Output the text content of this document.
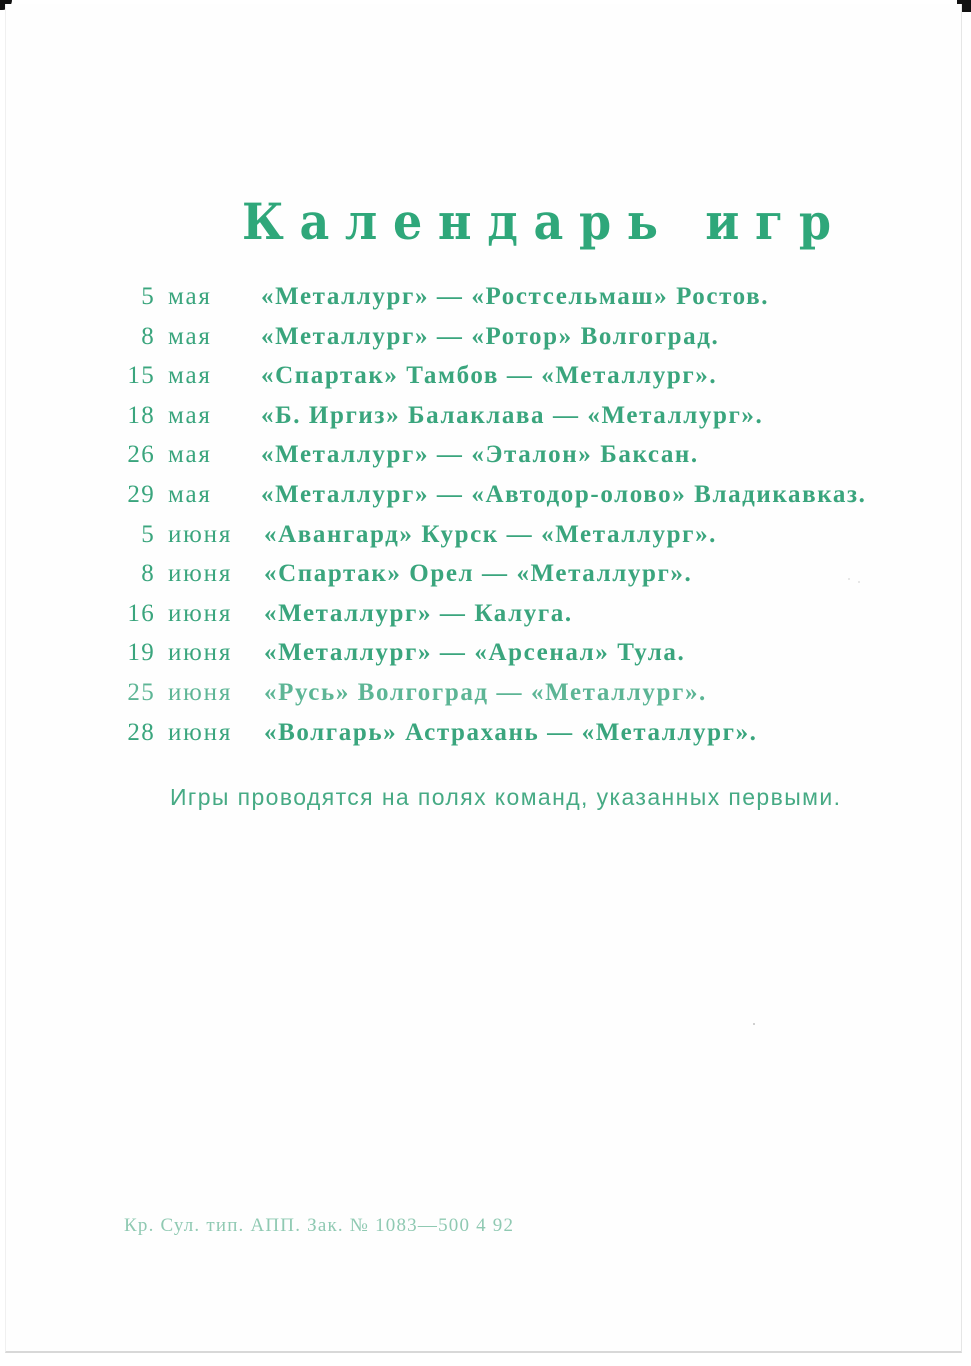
Календарь игр
5 мая «Металлург» — «Ростсельмаш» Ростов.
8 мая «Металлург» — «Ротор» Волгоград.
15 мая «Спартак» Тамбов — «Металлург».
18 мая «Б. Иргиз» Балаклава — «Металлург».
26 мая «Металлург» — «Эталон» Баксан.
29 мая «Металлург» — «Автодор-олово» Владикавказ.
5 июня «Авангард» Курск — «Металлург».
8 июня «Спартак» Орел — «Металлург».
16 июня «Металлург» — Калуга.
19 июня «Металлург» — «Арсенал» Тула.
25 июня «Русь» Волгоград — «Металлург».
28 июня «Волгарь» Астрахань — «Металлург».
Игры проводятся на полях команд, указанных первыми.
Кр. Сул. тип. АПП. Зак. № 1083—500 4 92
